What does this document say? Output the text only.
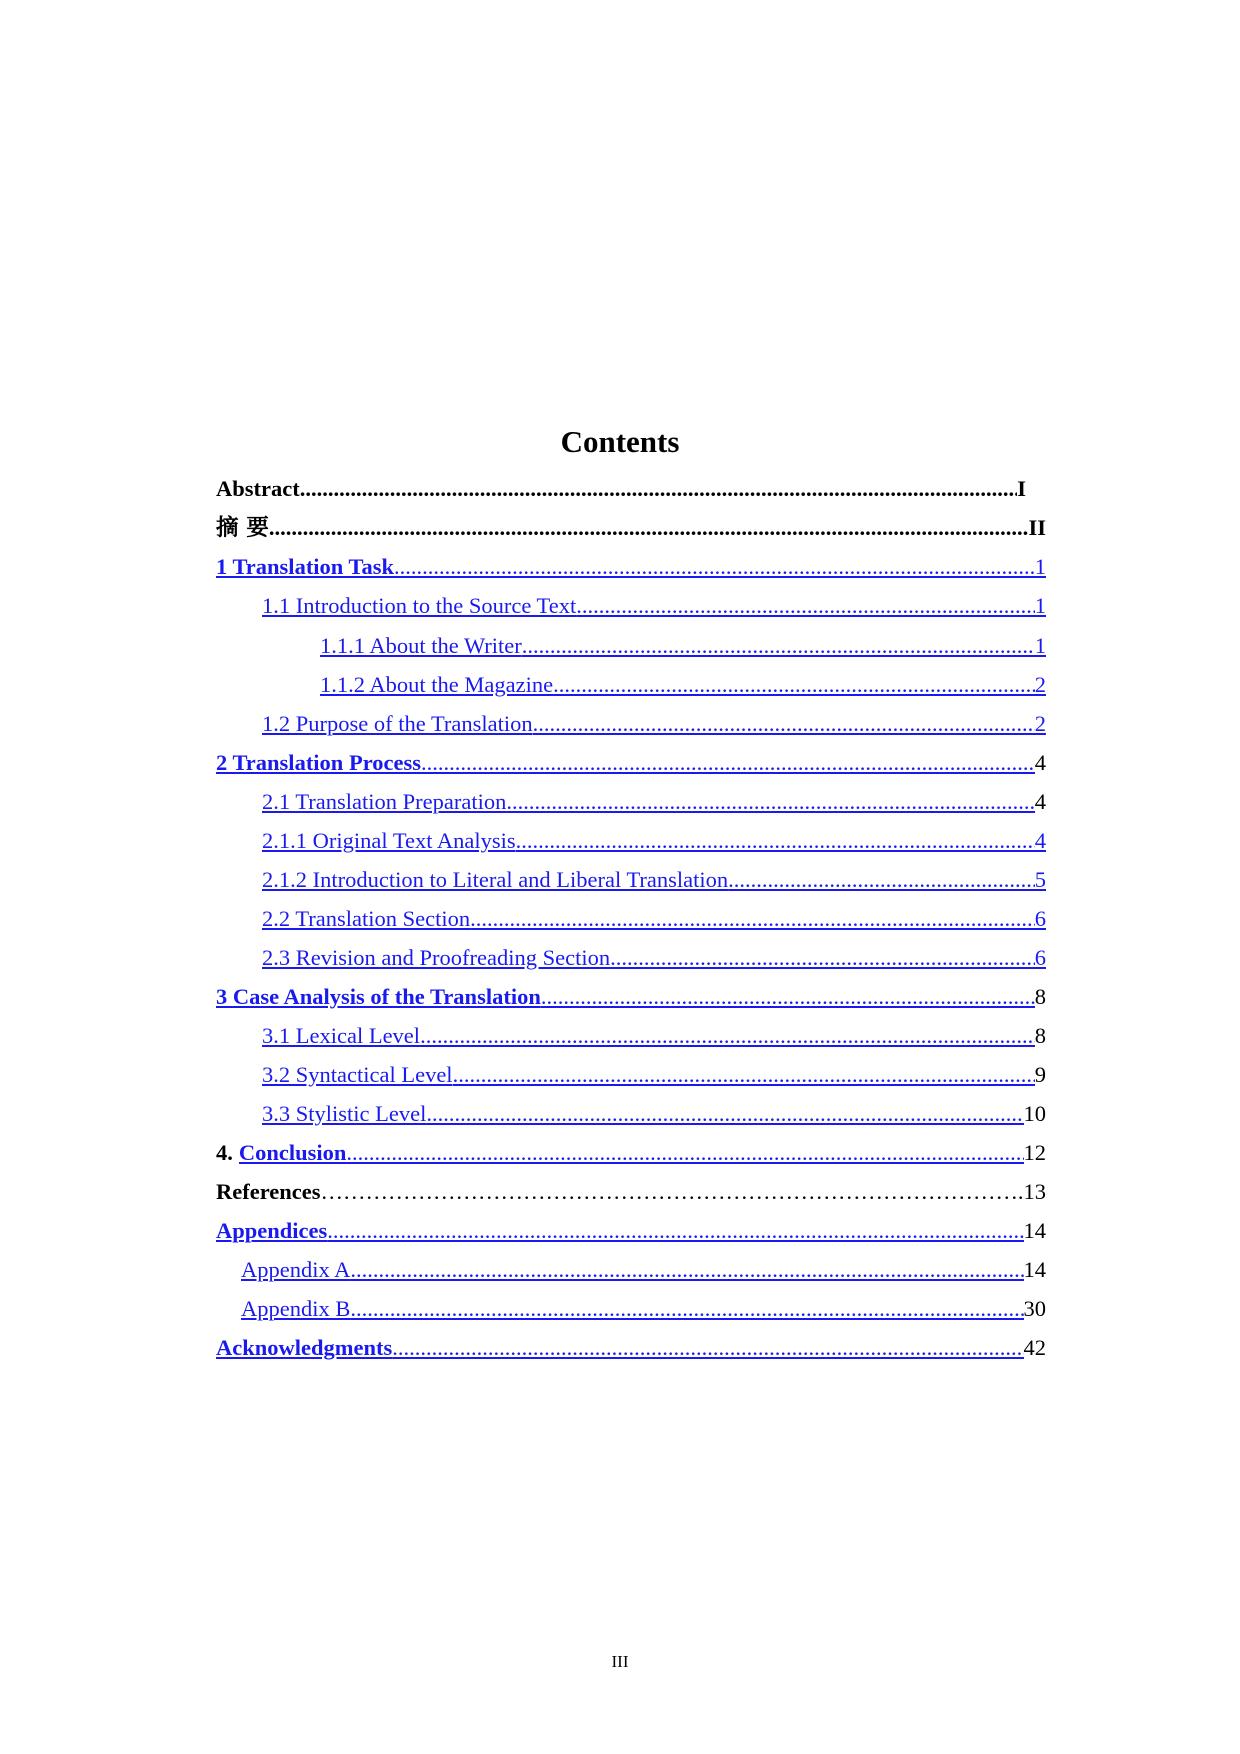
Contents
Abstract .....	I
摘 要 .....	II
1 Translation Task .....	1
1.1 Introduction to the Source Text .....	1
1.1.1 About the Writer .....	1
1.1.2 About the Magazine .....	2
1.2 Purpose of the Translation .....	2
2 Translation Process .....	4
2.1 Translation Preparation .....	4
2.1.1 Original Text Analysis .....	4
2.1.2 Introduction to Literal and Liberal Translation .....	5
2.2 Translation Section .....	6
2.3 Revision and Proofreading Section .....	6
3 Case Analysis of the Translation .....	8
3.1 Lexical Level .....	8
3.2 Syntactical Level .....	9
3.3 Stylistic Level .....	10
4. Conclusion .....	12
References ……………………………………………………………………………………………………………………………………	.13
Appendices .....	14
Appendix A .....	14
Appendix B .....	30
Acknowledgments .....	42
III
